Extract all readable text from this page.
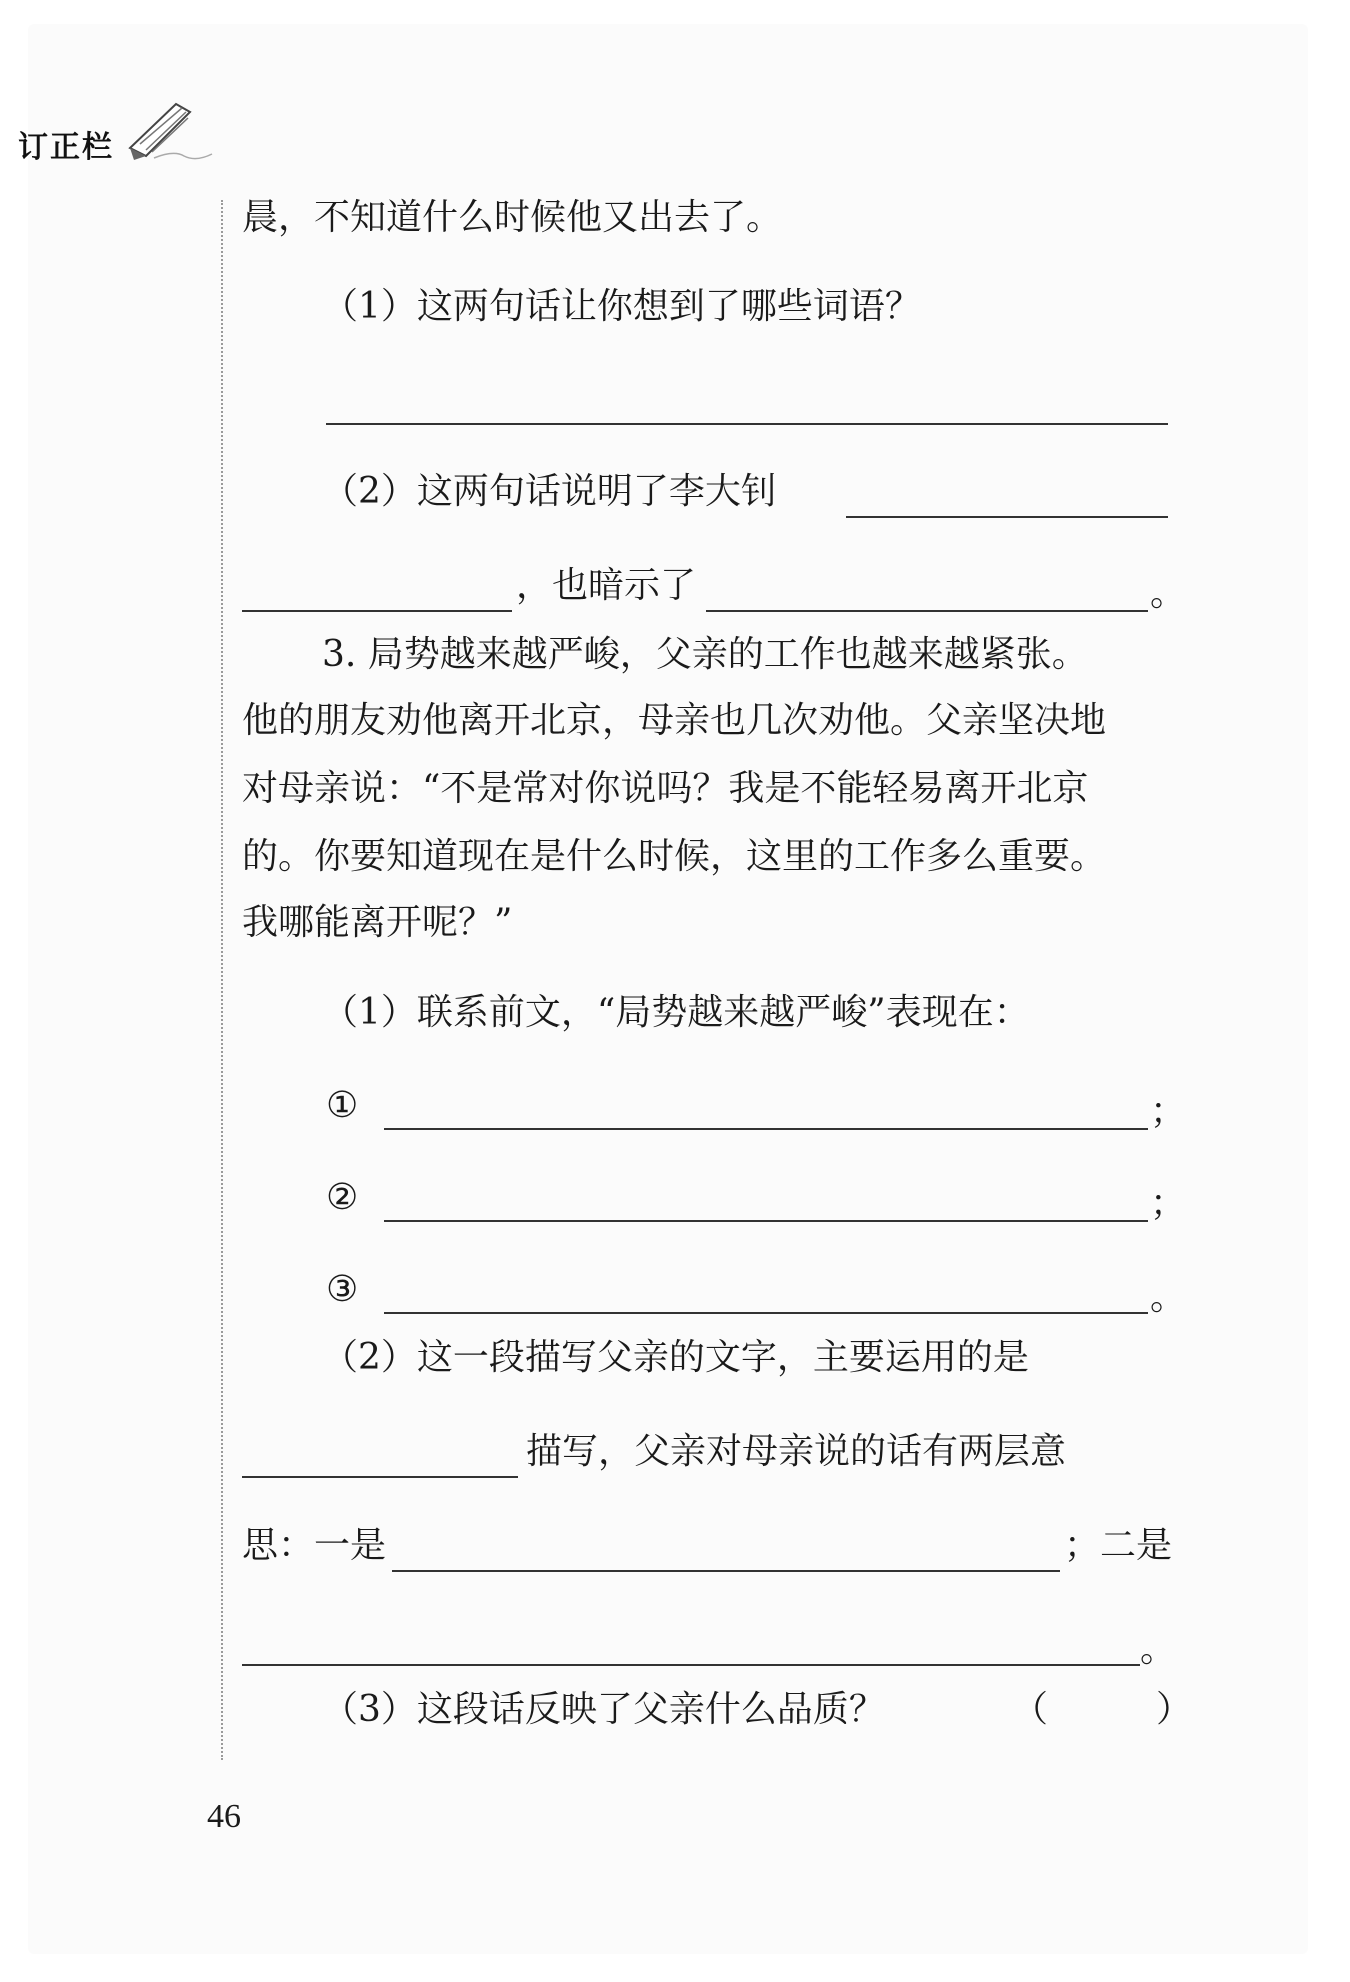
订正栏
晨，不知道什么时候他又出去了。
（1）这两句话让你想到了哪些词语？
（2）这两句话说明了李大钊
，也暗示了	。
3. 局势越来越严峻，父亲的工作也越来越紧张。
他的朋友劝他离开北京，母亲也几次劝他。父亲坚决地
对母亲说：“不是常对你说吗？我是不能轻易离开北京
的。你要知道现在是什么时候，这里的工作多么重要。
我哪能离开呢？”
（1）联系前文，“局势越来越严峻”表现在：
①	；
②	；
③	。
（2）这一段描写父亲的文字，主要运用的是
描写，父亲对母亲说的话有两层意
思：一是	；二是
。
（3）这段话反映了父亲什么品质？	（　　　）
46
